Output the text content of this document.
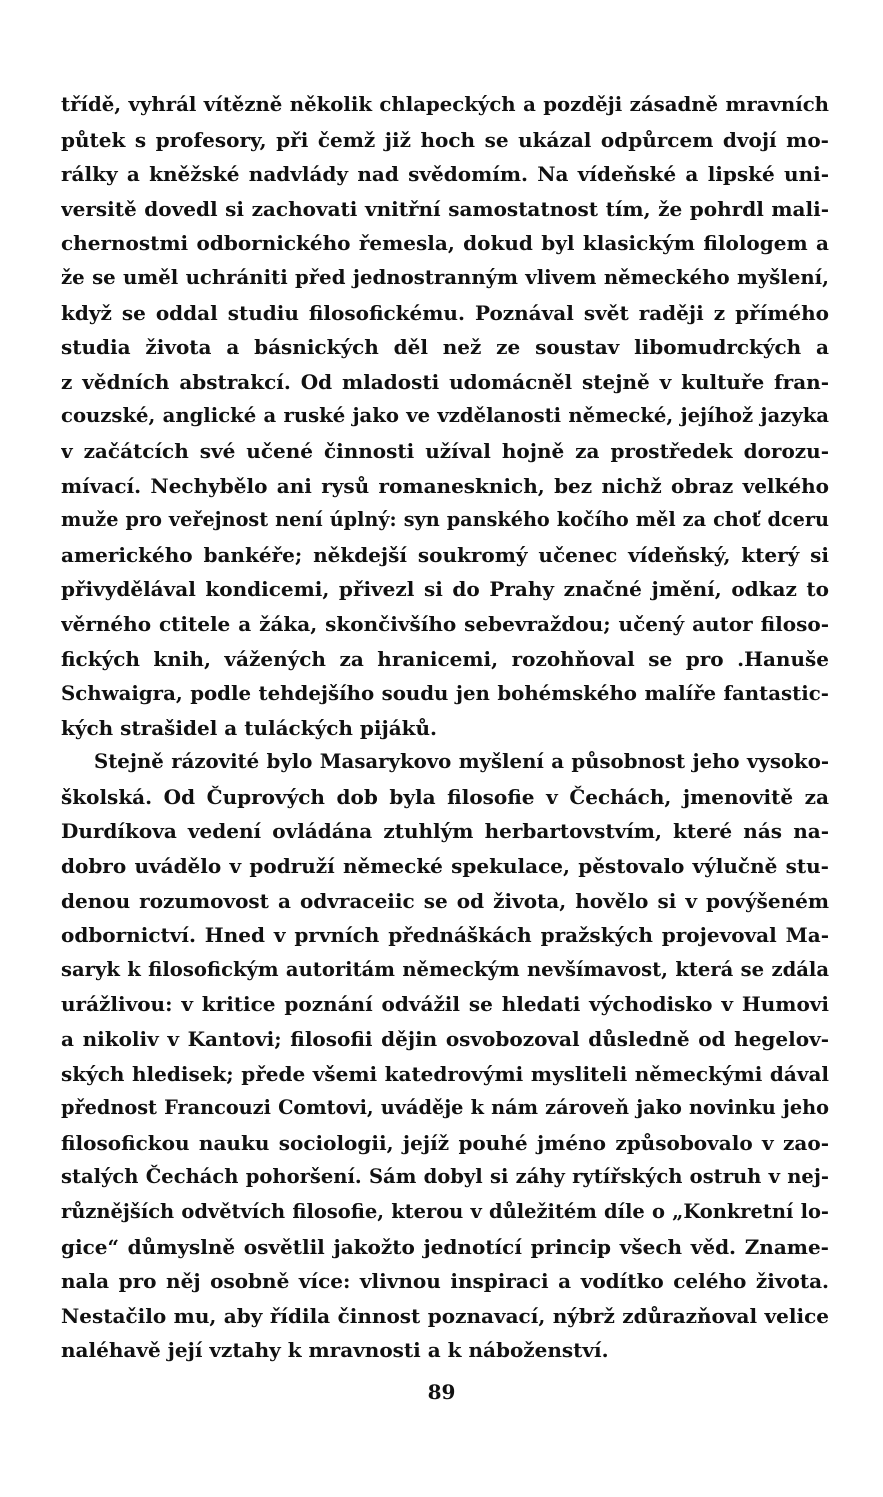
třídě, vyhrál vítězně několik chlapeckých a později zásadně mravních
půtek s profesory, při čemž již hoch se ukázal odpůrcem dvojí mo-
rálky a kněžské nadvlády nad svědomím. Na vídeňské a lipské uni-
versitě dovedl si zachovati vnitřní samostatnost tím, že pohrdl mali-
chernostmi odbornického řemesla, dokud byl klasickým filologem a
že se uměl uchrániti před jednostranným vlivem německého myšlení,
když se oddal studiu filosofickému. Poznával svět raději z přímého
studia života a básnických děl než ze soustav libomudrckých a
z vědních abstrakcí. Od mladosti udomácněl stejně v kultuře fran-
couzské, anglické a ruské jako ve vzdělanosti německé, jejíhož jazyka
v začátcích své učené činnosti užíval hojně za prostředek dorozu-
mívací. Nechybělo ani rysů romanesknich, bez nichž obraz velkého
muže pro veřejnost není úplný: syn panského kočího měl za choť dceru
amerického bankéře; někdejší soukromý učenec vídeňský, který si
přivydělával kondicemi, přivezl si do Prahy značné jmění, odkaz to
věrného ctitele a žáka, skončivšího sebevraždou; učený autor filoso-
fických knih, vážených za hranicemi, rozohňoval se pro .Hanuše
Schwaigra, podle tehdejšího soudu jen bohémského malíře fantastic-
kých strašidel a tuláckých pijáků.

Stejně rázovité bylo Masarykovo myšlení a působnost jeho vysoko-
školská. Od Čuprových dob byla filosofie v Čechách, jmenovitě za
Durdíkova vedení ovládána ztuhlým herbartovstvím, které nás na-
dobro uvádělo v podruží německé spekulace, pěstovalo výlučně stu-
denou rozumovost a odvraceiic se od života, hovělo si v povýšeném
odbornictví. Hned v prvních přednáškách pražských projevoval Ma-
saryk k filosofickým autoritám německým nevšímavost, která se zdála
urážlivou: v kritice poznání odvážil se hledati východisko v Humovi
a nikoliv v Kantovi; filosofii dějin osvobozoval důsledně od hegelov-
ských hledisek; přede všemi katedrovými mysliteli německými dával
přednost Francouzi Comtovi, uváděje k nám zároveň jako novinku jeho
filosofickou nauku sociologii, jejíž pouhé jméno způsobovalo v zao-
stalých Čechách pohoršení. Sám dobyl si záhy rytířských ostruh v nej-
různějších odvětvích filosofie, kterou v důležitém díle o „Konkretní lo-
gice“ důmyslně osvětlil jakožto jednotící princip všech věd. Zname-
nala pro něj osobně více: vlivnou inspiraci a vodítko celého života.
Nestačilo mu, aby řídila činnost poznavací, nýbrž zdůrazňoval velice
naléhavě její vztahy k mravnosti a k náboženství.

89
